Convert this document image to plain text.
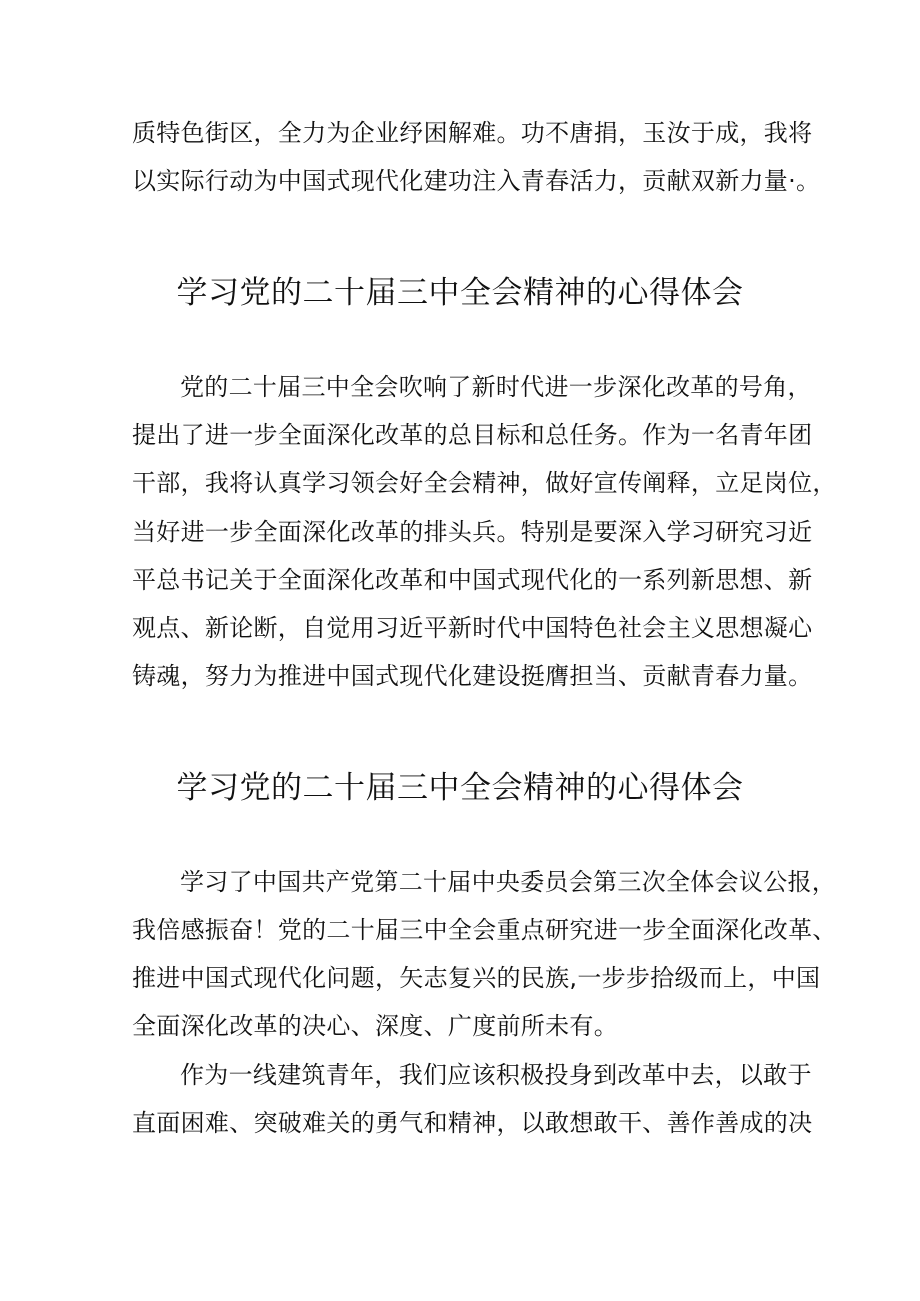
质特色街区，全力为企业纾困解难。功不唐捐，玉汝于成，我将
以实际行动为中国式现代化建功注入青春活力，贡献双新力量·。
学习党的二十届三中全会精神的心得体会
党的二十届三中全会吹响了新时代进一步深化改革的号角，
提出了进一步全面深化改革的总目标和总任务。作为一名青年团
干部，我将认真学习领会好全会精神，做好宣传阐释，立足岗位，
当好进一步全面深化改革的排头兵。特别是要深入学习研究习近
平总书记关于全面深化改革和中国式现代化的一系列新思想、新
观点、新论断，自觉用习近平新时代中国特色社会主义思想凝心
铸魂，努力为推进中国式现代化建设挺膺担当、贡献青春力量。
学习党的二十届三中全会精神的心得体会
学习了中国共产党第二十届中央委员会第三次全体会议公报，
我倍感振奋！党的二十届三中全会重点研究进一步全面深化改革、
推进中国式现代化问题，矢志复兴的民族,一步步拾级而上，中国
全面深化改革的决心、深度、广度前所未有。
作为一线建筑青年，我们应该积极投身到改革中去，以敢于
直面困难、突破难关的勇气和精神，以敢想敢干、善作善成的决
